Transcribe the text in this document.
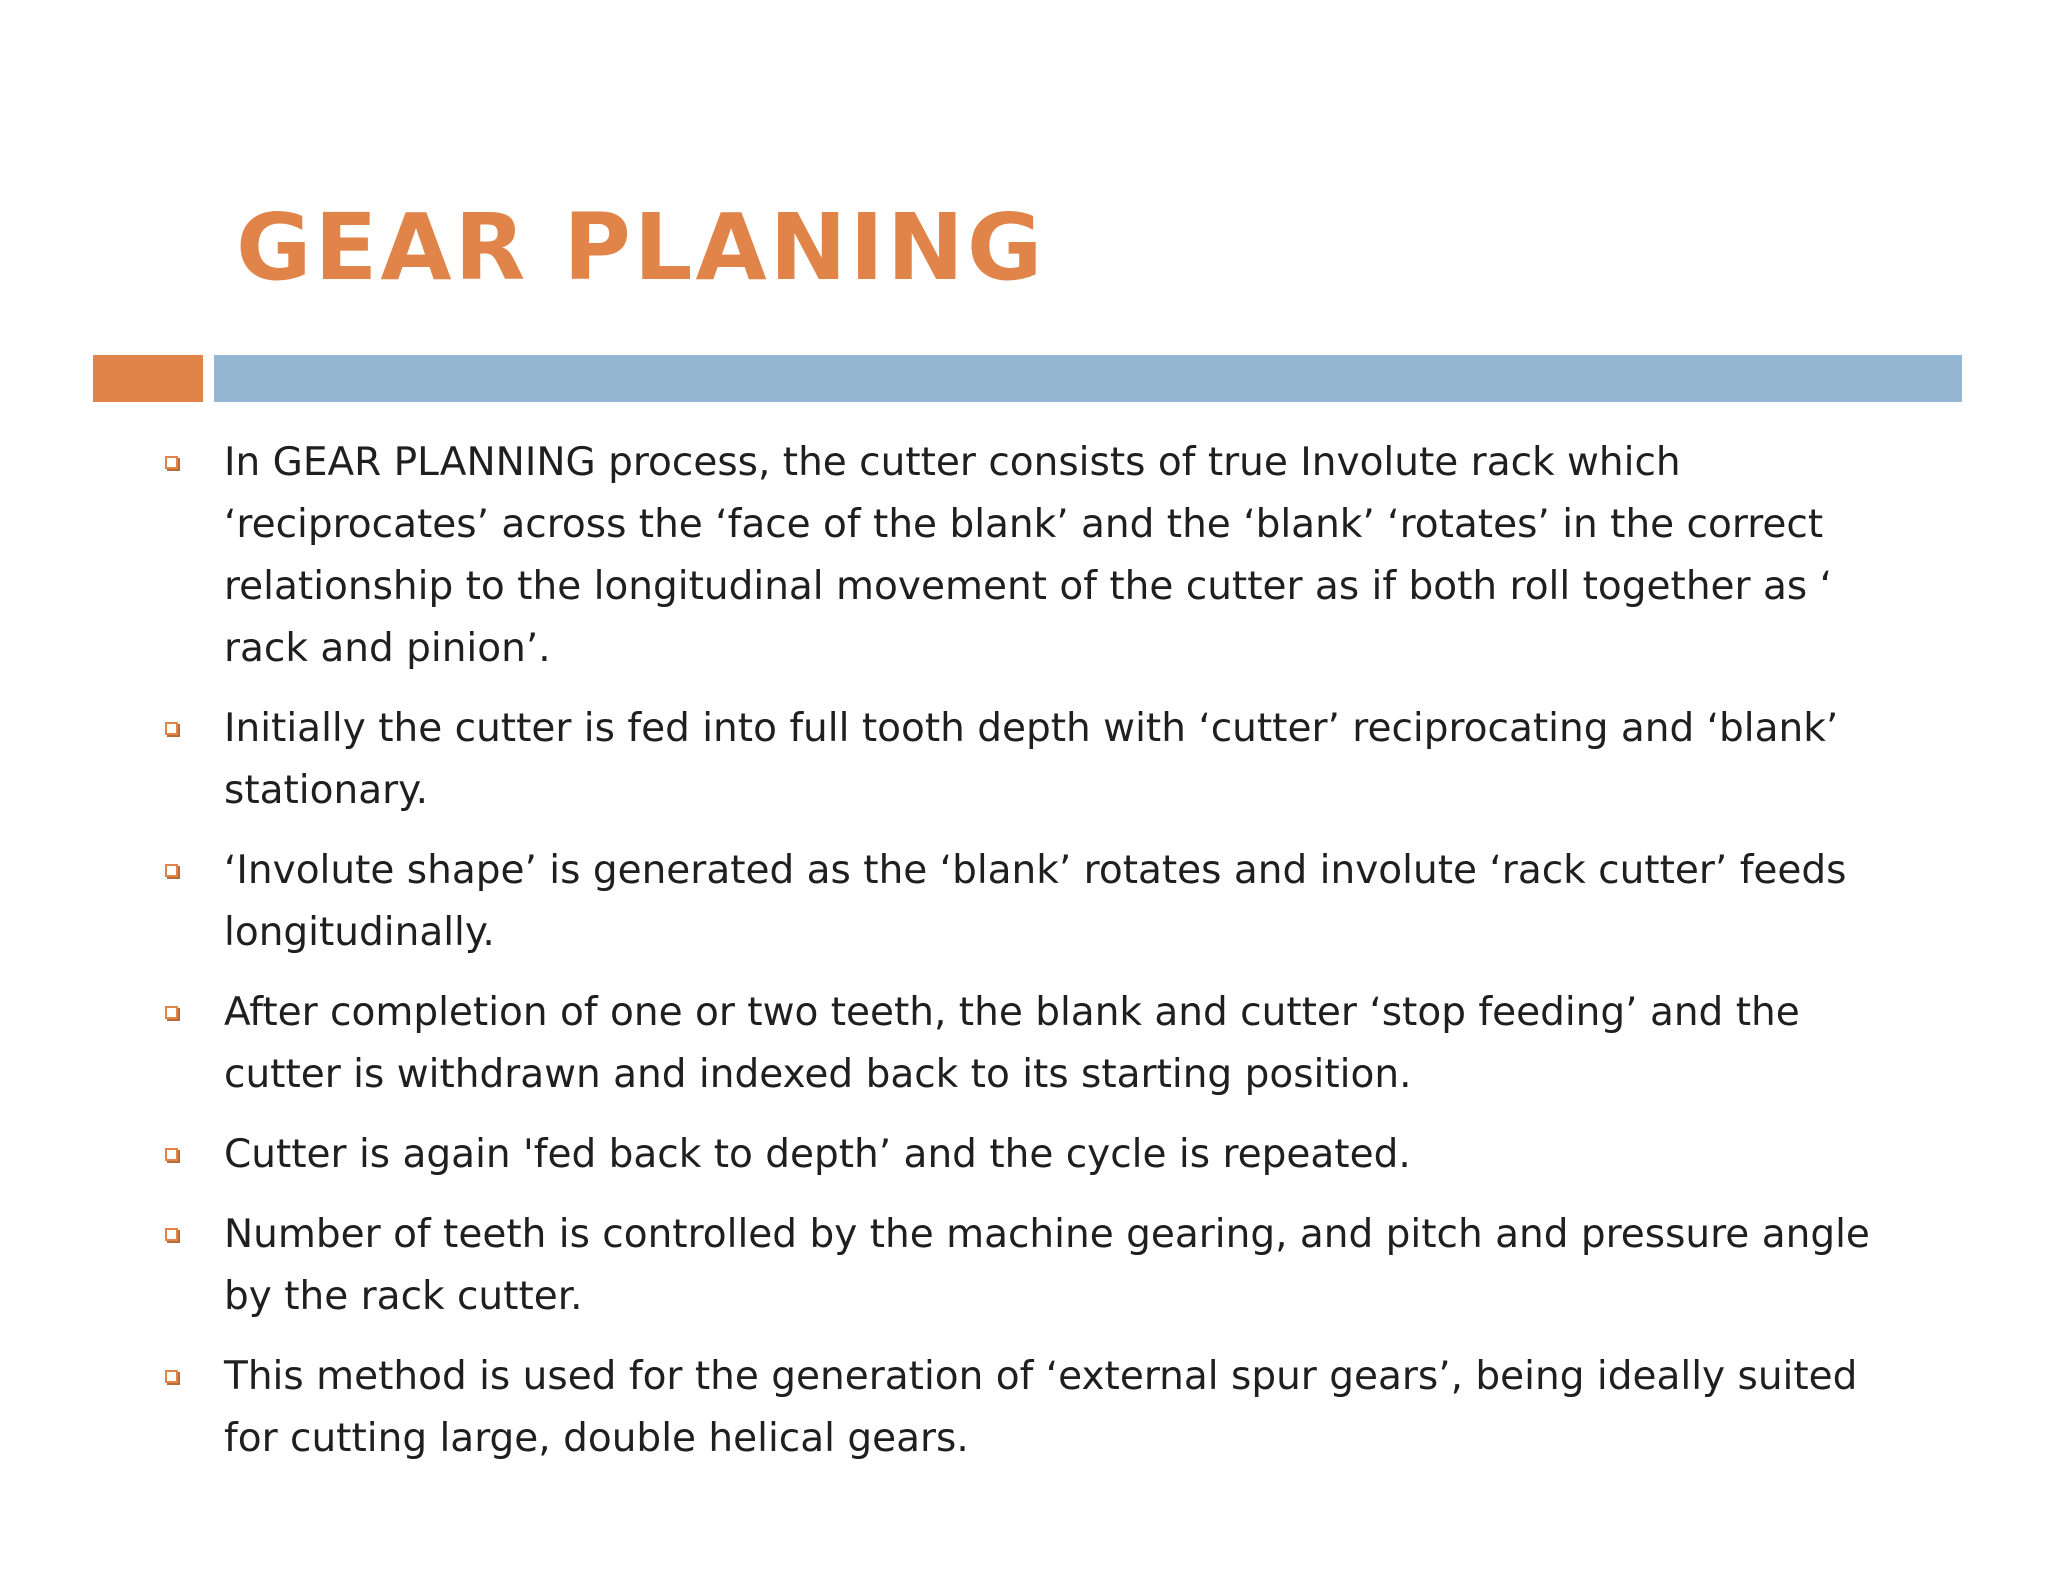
GEAR PLANING
In GEAR PLANNING process, the cutter consists of true Involute rack which ‘reciprocates’ across the ‘face of the blank’ and the ‘blank’ ‘rotates’ in the correct relationship to the longitudinal movement of the cutter as if both roll together as ‘ rack and pinion’.
Initially the cutter is fed into full tooth depth with ‘cutter’ reciprocating and ‘blank’ stationary.
‘Involute shape’ is generated as the ‘blank’ rotates and involute ‘rack cutter’ feeds longitudinally.
After completion of one or two teeth, the blank and cutter ‘stop feeding’ and the cutter is withdrawn and indexed back to its starting position.
Cutter is again 'fed back to depth’ and the cycle is repeated.
Number of teeth is controlled by the machine gearing, and pitch and pressure angle by the rack cutter.
This method is used for the generation of ‘external spur gears’, being ideally suited for cutting large, double helical gears.
